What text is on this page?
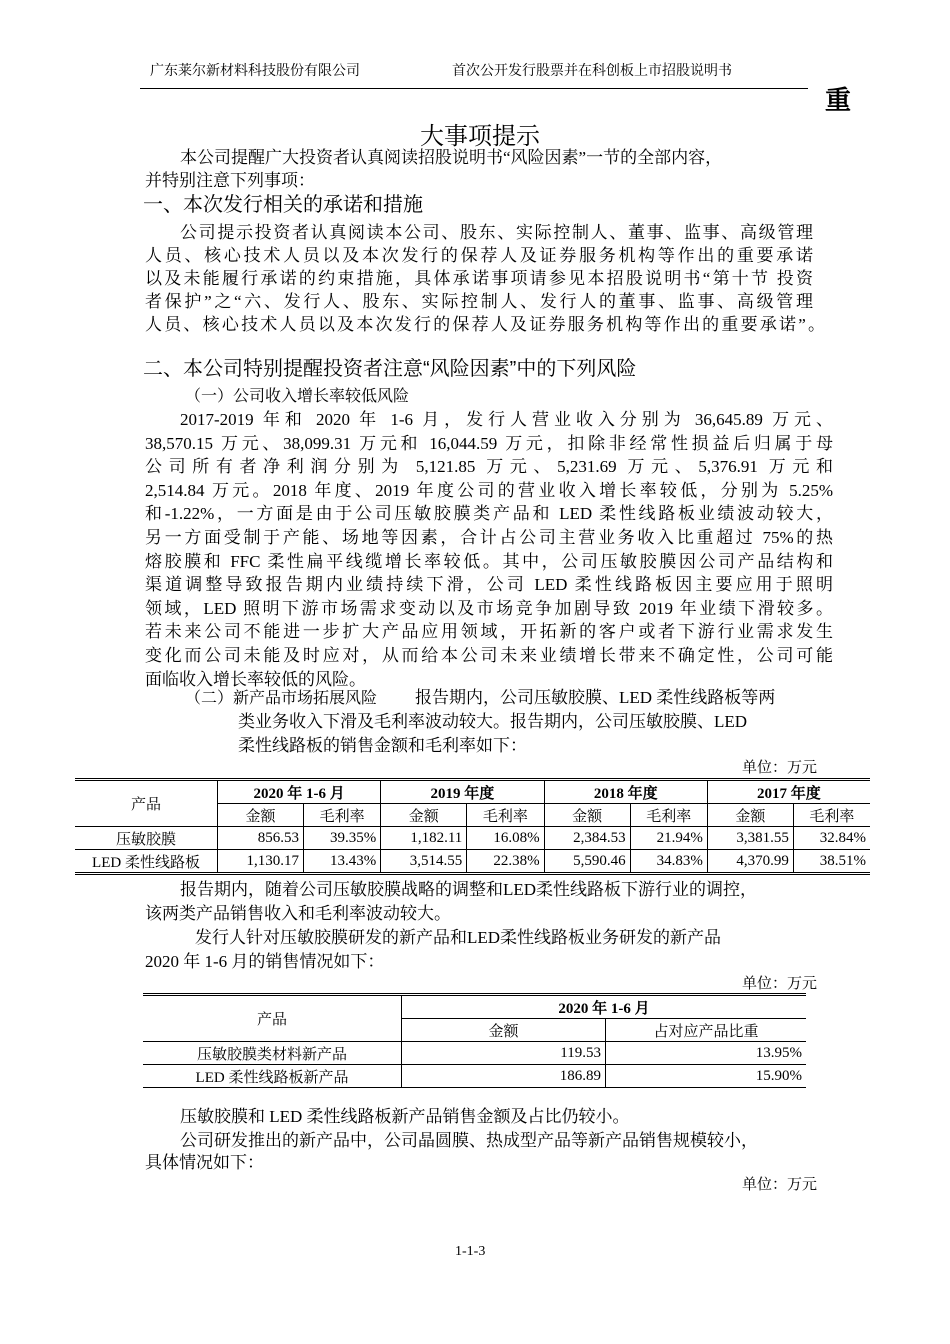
广东莱尔新材料科技股份有限公司	首次公开发行股票并在科创板上市招股说明书
重
大事项提示
本公司提醒广大投资者认真阅读招股说明书“风险因素”一节的全部内容，
并特别注意下列事项：
一、本次发行相关的承诺和措施
公司提示投资者认真阅读本公司、股东、实际控制人、董事、监事、高级管理
人员、核心技术人员以及本次发行的保荐人及证券服务机构等作出的重要承诺
以及未能履行承诺的约束措施，具体承诺事项请参见本招股说明书“第十节 投资
者保护”之“六、发行人、股东、实际控制人、发行人的董事、监事、高级管理
人员、核心技术人员以及本次发行的保荐人及证券服务机构等作出的重要承诺”。
二、本公司特别提醒投资者注意“风险因素”中的下列风险
（一）公司收入增长率较低风险
2017-2019 年和 2020 年 1-6 月，发行人营业收入分别为 36,645.89 万元、
38,570.15 万元、38,099.31 万元和 16,044.59 万元，扣除非经常性损益后归属于母
公司所有者净利润分别为 5,121.85 万元、5,231.69 万元、5,376.91 万元和
2,514.84 万元。2018 年度、2019 年度公司的营业收入增长率较低，分别为 5.25%
和-1.22%，一方面是由于公司压敏胶膜类产品和 LED 柔性线路板业绩波动较大，
另一方面受制于产能、场地等因素，合计占公司主营业务收入比重超过 75%的热
熔胶膜和 FFC 柔性扁平线缆增长率较低。其中，公司压敏胶膜因公司产品结构和
渠道调整导致报告期内业绩持续下滑，公司 LED 柔性线路板因主要应用于照明
领域，LED 照明下游市场需求变动以及市场竞争加剧导致 2019 年业绩下滑较多。
若未来公司不能进一步扩大产品应用领域，开拓新的客户或者下游行业需求发生
变化而公司未能及时应对，从而给本公司未来业绩增长带来不确定性，公司可能
面临收入增长率较低的风险。
（二）新产品市场拓展风险 报告期内，公司压敏胶膜、LED 柔性线路板等两
类业务收入下滑及毛利率波动较大。报告期内，公司压敏胶膜、LED
柔性线路板的销售金额和毛利率如下：
单位：万元
产品	2020 年 1-6 月		2019 年度		2018 年度		2017 年度	
	金额	毛利率	金额	毛利率	金额	毛利率	金额	毛利率
压敏胶膜	856.53	39.35%	1,182.11	16.08%	2,384.53	21.94%	3,381.55	32.84%
LED 柔性线路板	1,130.17	13.43%	3,514.55	22.38%	5,590.46	34.83%	4,370.99	38.51%
报告期内，随着公司压敏胶膜战略的调整和LED柔性线路板下游行业的调控，
该两类产品销售收入和毛利率波动较大。
发行人针对压敏胶膜研发的新产品和LED柔性线路板业务研发的新产品
2020 年 1-6 月的销售情况如下：
单位：万元
产品	2020 年 1-6 月	
	金额	占对应产品比重
压敏胶膜类材料新产品	119.53	13.95%
LED 柔性线路板新产品	186.89	15.90%
压敏胶膜和 LED 柔性线路板新产品销售金额及占比仍较小。
公司研发推出的新产品中，公司晶圆膜、热成型产品等新产品销售规模较小，
具体情况如下：
单位：万元
1-1-3
